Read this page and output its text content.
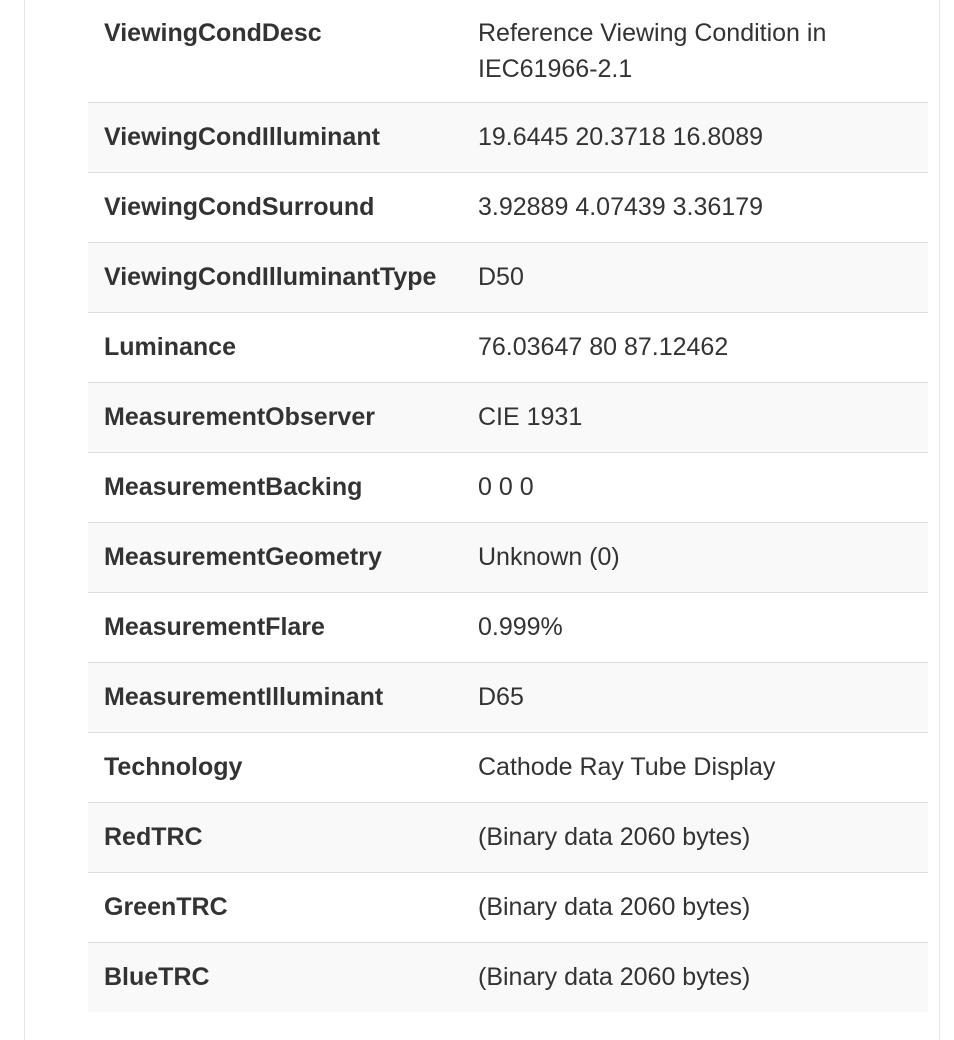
ViewingCondDesc	Reference Viewing Condition in IEC61966-2.1
ViewingCondIlluminant	19.6445 20.3718 16.8089
ViewingCondSurround	3.92889 4.07439 3.36179
ViewingCondIlluminantType	D50
Luminance	76.03647 80 87.12462
MeasurementObserver	CIE 1931
MeasurementBacking	0 0 0
MeasurementGeometry	Unknown (0)
MeasurementFlare	0.999%
MeasurementIlluminant	D65
Technology	Cathode Ray Tube Display
RedTRC	(Binary data 2060 bytes)
GreenTRC	(Binary data 2060 bytes)
BlueTRC	(Binary data 2060 bytes)
